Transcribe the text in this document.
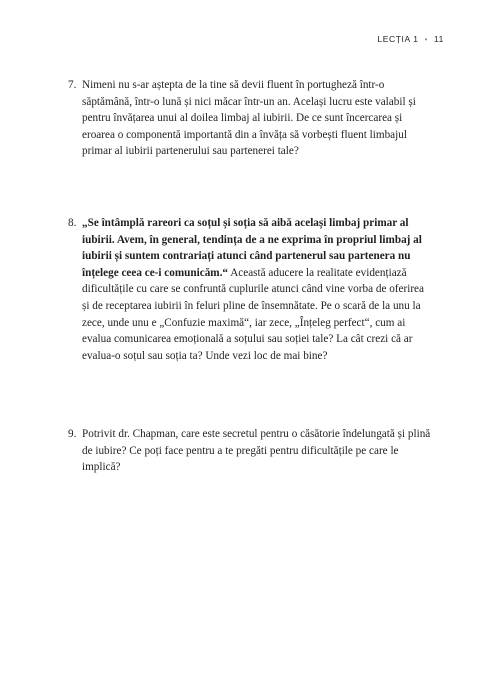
LECȚIA 1 • 11
7. Nimeni nu s-ar aștepta de la tine să devii fluent în portugheză într-o săptămână, într-o lună și nici măcar într-un an. Același lucru este valabil și pentru învățarea unui al doilea limbaj al iubirii. De ce sunt încercarea și eroarea o componentă importantă din a învăța să vorbești fluent limbajul primar al iubirii partenerului sau partenerei tale?
8. „Se întâmplă rareori ca soțul și soția să aibă același limbaj primar al iubirii. Avem, în general, tendința de a ne exprima în propriul limbaj al iubirii și suntem contrariați atunci când partenerul sau partenera nu înțelege ceea ce-i comunicăm.“ Această aducere la realitate evidențiază dificultățile cu care se confruntă cuplurile atunci când vine vorba de oferirea și de receptarea iubirii în feluri pline de însemnătate. Pe o scară de la unu la zece, unde unu e „Confuzie maximă“, iar zece, „Înțeleg perfect“, cum ai evalua comunicarea emoțională a soțului sau soției tale? La cât crezi că ar evalua-o soțul sau soția ta? Unde vezi loc de mai bine?
9. Potrivit dr. Chapman, care este secretul pentru o căsătorie îndelungată și plină de iubire? Ce poți face pentru a te pregăti pentru dificultățile pe care le implică?
